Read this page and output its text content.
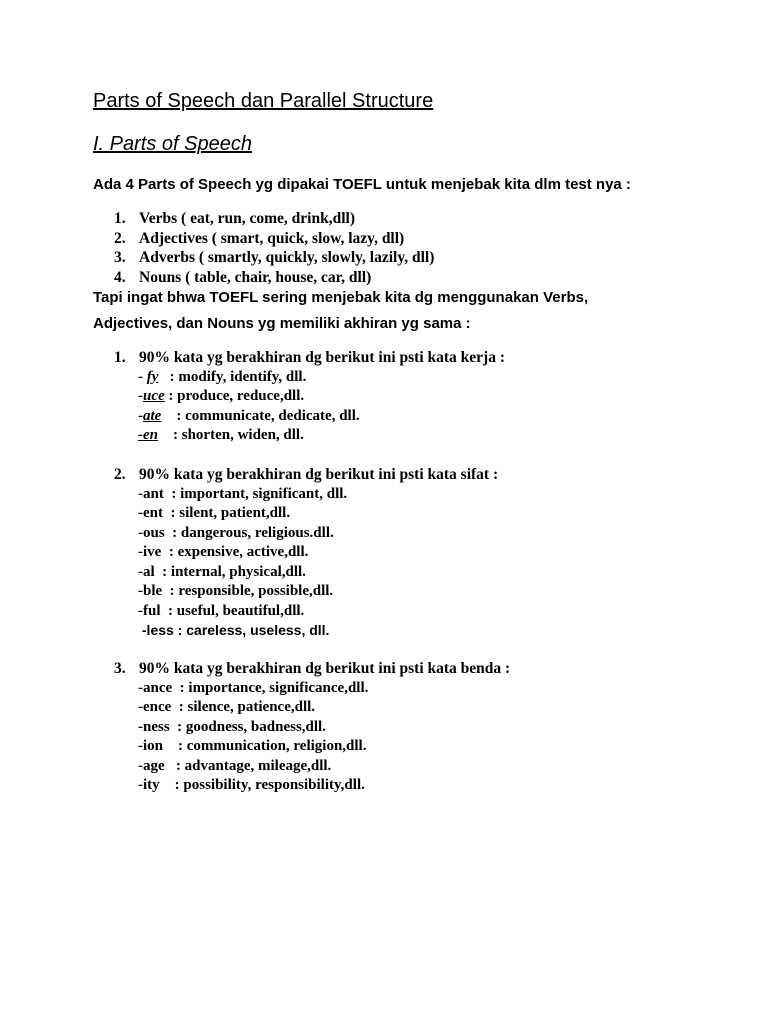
Parts of Speech dan Parallel Structure
I. Parts of Speech
Ada 4 Parts of Speech yg dipakai TOEFL untuk menjebak kita dlm test nya :
1. Verbs ( eat, run, come, drink,dll)
2. Adjectives ( smart, quick, slow, lazy, dll)
3. Adverbs ( smartly, quickly, slowly, lazily, dll)
4. Nouns ( table, chair, house, car, dll)
Tapi ingat bhwa TOEFL sering menjebak kita dg menggunakan Verbs,
Adjectives, dan Nouns yg memiliki akhiran yg sama :
1. 90% kata yg berakhiran dg berikut ini psti kata kerja :
- fy   : modify, identify, dll.
-uce : produce, reduce,dll.
-ate    : communicate, dedicate, dll.
-en    : shorten, widen, dll.
2. 90% kata yg berakhiran dg berikut ini psti kata sifat :
-ant  : important, significant, dll.
-ent  : silent, patient,dll.
-ous  : dangerous, religious.dll.
-ive  : expensive, active,dll.
-al  : internal, physical,dll.
-ble  : responsible, possible,dll.
-ful  : useful, beautiful,dll.
-less : careless, useless, dll.
3. 90% kata yg berakhiran dg berikut ini psti kata benda :
-ance  : importance, significance,dll.
-ence  : silence, patience,dll.
-ness  : goodness, badness,dll.
-ion    : communication, religion,dll.
-age   : advantage, mileage,dll.
-ity    : possibility, responsibility,dll.
